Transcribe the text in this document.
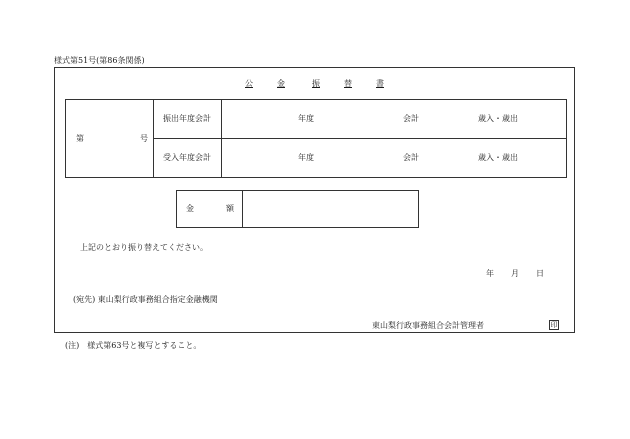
様式第51号(第86条関係)
公	金	振	替	書
第	号
振出年度会計	年度	会計	歳入・歳出
受入年度会計	年度	会計	歳入・歳出
金	額
上記のとおり振り替えてください。
年 月 日
(宛先) 東山梨行政事務組合指定金融機関
東山梨行政事務組合会計管理者	印
(注)　様式第63号と複写とすること。
